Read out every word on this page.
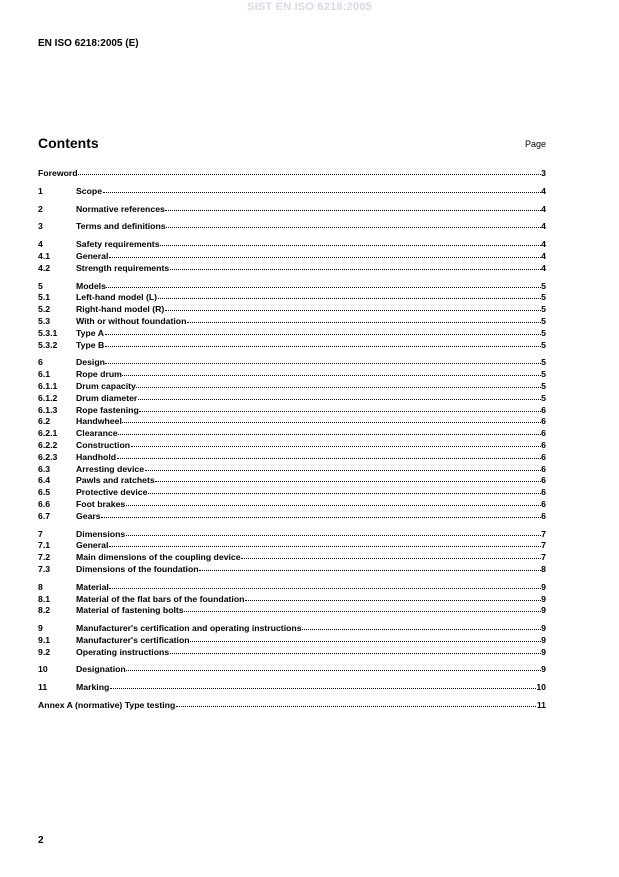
SIST EN ISO 6218:2005
EN ISO 6218:2005 (E)
Contents	Page
Foreword	3
1	Scope	4
2	Normative references	4
3	Terms and definitions	4
4	Safety requirements	4
4.1	General	4
4.2	Strength requirements	4
5	Models	5
5.1	Left-hand model (L)	5
5.2	Right-hand model (R)	5
5.3	With or without foundation	5
5.3.1	Type A	5
5.3.2	Type B	5
6	Design	5
6.1	Rope drum	5
6.1.1	Drum capacity	5
6.1.2	Drum diameter	5
6.1.3	Rope fastening	6
6.2	Handwheel	6
6.2.1	Clearance	6
6.2.2	Construction	6
6.2.3	Handhold	6
6.3	Arresting device	6
6.4	Pawls and ratchets	6
6.5	Protective device	6
6.6	Foot brakes	6
6.7	Gears	6
7	Dimensions	7
7.1	General	7
7.2	Main dimensions of the coupling device	7
7.3	Dimensions of the foundation	8
8	Material	9
8.1	Material of the flat bars of the foundation	9
8.2	Material of fastening bolts	9
9	Manufacturer's certification and operating instructions	9
9.1	Manufacturer's certification	9
9.2	Operating instructions	9
10	Designation	9
11	Marking	10
Annex A (normative) Type testing	11
2
